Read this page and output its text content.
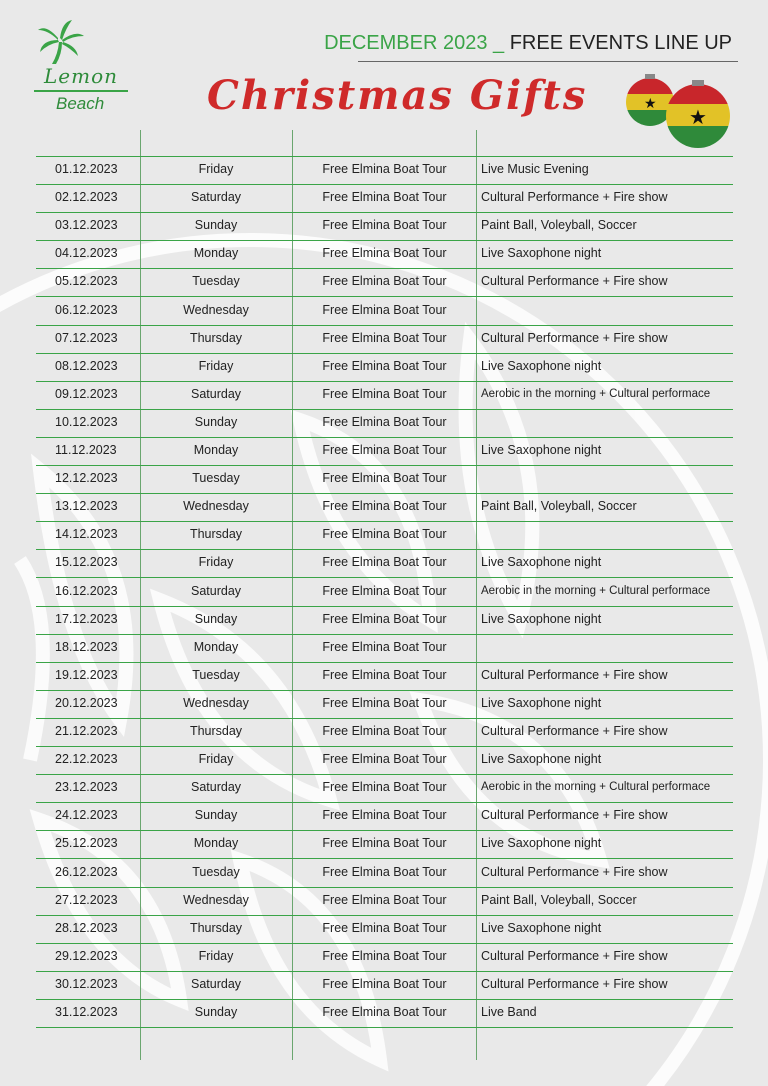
Lemon
Beach
DECEMBER 2023 _ FREE EVENTS LINE UP
Christmas Gifts	★
★
01.12.2023	Friday	Free Elmina Boat Tour	Live Music Evening
02.12.2023	Saturday	Free Elmina Boat Tour	Cultural Performance + Fire show
03.12.2023	Sunday	Free Elmina Boat Tour	Paint Ball, Voleyball, Soccer
04.12.2023	Monday	Free Elmina Boat Tour	Live Saxophone night
05.12.2023	Tuesday	Free Elmina Boat Tour	Cultural Performance + Fire show
06.12.2023	Wednesday	Free Elmina Boat Tour
07.12.2023	Thursday	Free Elmina Boat Tour	Cultural Performance + Fire show
08.12.2023	Friday	Free Elmina Boat Tour	Live Saxophone night
09.12.2023	Saturday	Free Elmina Boat Tour	Aerobic in the morning + Cultural performace
10.12.2023	Sunday	Free Elmina Boat Tour
11.12.2023	Monday	Free Elmina Boat Tour	Live Saxophone night
12.12.2023	Tuesday	Free Elmina Boat Tour
13.12.2023	Wednesday	Free Elmina Boat Tour	Paint Ball, Voleyball, Soccer
14.12.2023	Thursday	Free Elmina Boat Tour
15.12.2023	Friday	Free Elmina Boat Tour	Live Saxophone night
16.12.2023	Saturday	Free Elmina Boat Tour	Aerobic in the morning + Cultural performace
17.12.2023	Sunday	Free Elmina Boat Tour	Live Saxophone night
18.12.2023	Monday	Free Elmina Boat Tour
19.12.2023	Tuesday	Free Elmina Boat Tour	Cultural Performance + Fire show
20.12.2023	Wednesday	Free Elmina Boat Tour	Live Saxophone night
21.12.2023	Thursday	Free Elmina Boat Tour	Cultural Performance + Fire show
22.12.2023	Friday	Free Elmina Boat Tour	Live Saxophone night
23.12.2023	Saturday	Free Elmina Boat Tour	Aerobic in the morning + Cultural performace
24.12.2023	Sunday	Free Elmina Boat Tour	Cultural Performance + Fire show
25.12.2023	Monday	Free Elmina Boat Tour	Live Saxophone night
26.12.2023	Tuesday	Free Elmina Boat Tour	Cultural Performance + Fire show
27.12.2023	Wednesday	Free Elmina Boat Tour	Paint Ball, Voleyball, Soccer
28.12.2023	Thursday	Free Elmina Boat Tour	Live Saxophone night
29.12.2023	Friday	Free Elmina Boat Tour	Cultural Performance + Fire show
30.12.2023	Saturday	Free Elmina Boat Tour	Cultural Performance + Fire show
31.12.2023	Sunday	Free Elmina Boat Tour	Live Band
